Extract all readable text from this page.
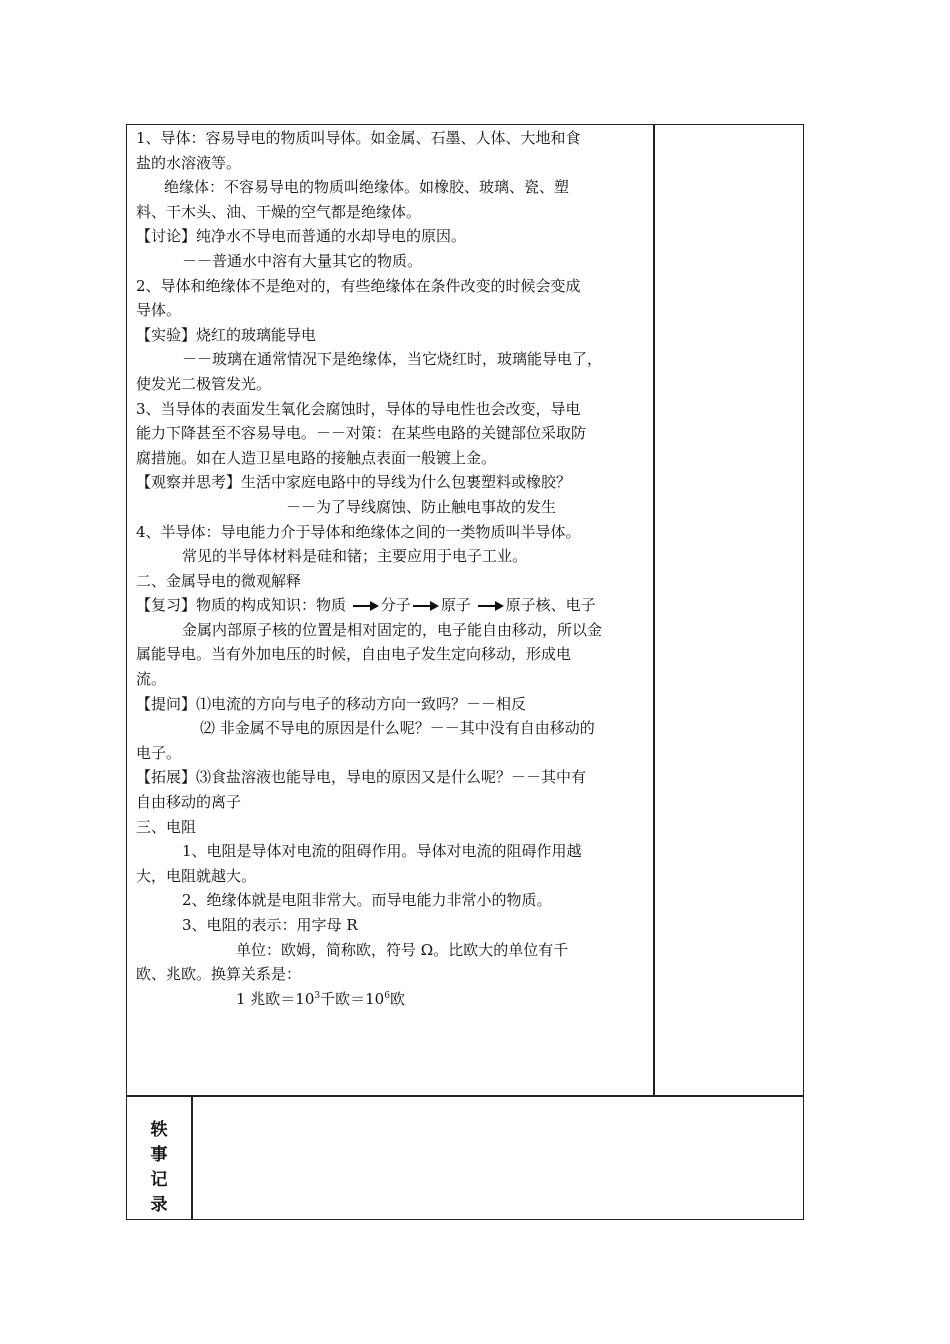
1、导体：容易导电的物质叫导体。如金属、石墨、人体、大地和食

盐的水溶液等。

绝缘体：不容易导电的物质叫绝缘体。如橡胶、玻璃、瓷、塑

料、干木头、油、干燥的空气都是绝缘体。

【讨论】纯净水不导电而普通的水却导电的原因。

－－普通水中溶有大量其它的物质。

2、导体和绝缘体不是绝对的，有些绝缘体在条件改变的时候会变成

导体。

【实验】烧红的玻璃能导电

－－玻璃在通常情况下是绝缘体，当它烧红时，玻璃能导电了，

使发光二极管发光。

3、当导体的表面发生氧化会腐蚀时，导体的导电性也会改变，导电

能力下降甚至不容易导电。－－对策：在某些电路的关键部位采取防

腐措施。如在人造卫星电路的接触点表面一般镀上金。

【观察并思考】生活中家庭电路中的导线为什么包裹塑料或橡胶？

－－为了导线腐蚀、防止触电事故的发生

4、半导体：导电能力介于导体和绝缘体之间的一类物质叫半导体。

常见的半导体材料是硅和锗；主要应用于电子工业。

二、金属导电的微观解释

【复习】物质的构成知识：物质 分子 原子 原子核、电子

金属内部原子核的位置是相对固定的，电子能自由移动，所以金

属能导电。当有外加电压的时候，自由电子发生定向移动，形成电

流。

【提问】⑴电流的方向与电子的移动方向一致吗？－－相反

⑵ 非金属不导电的原因是什么呢？－－其中没有自由移动的

电子。

【拓展】⑶食盐溶液也能导电，导电的原因又是什么呢？－－其中有

自由移动的离子

三、电阻

1、电阻是导体对电流的阻碍作用。导体对电流的阻碍作用越

大，电阻就越大。

2、绝缘体就是电阻非常大。而导电能力非常小的物质。

3、电阻的表示：用字母 R

单位：欧姆，简称欧，符号 Ω。比欧大的单位有千

欧、兆欧。换算关系是：

1 兆欧$=10^3$千欧$=10^6$欧

轶
事
记
录
